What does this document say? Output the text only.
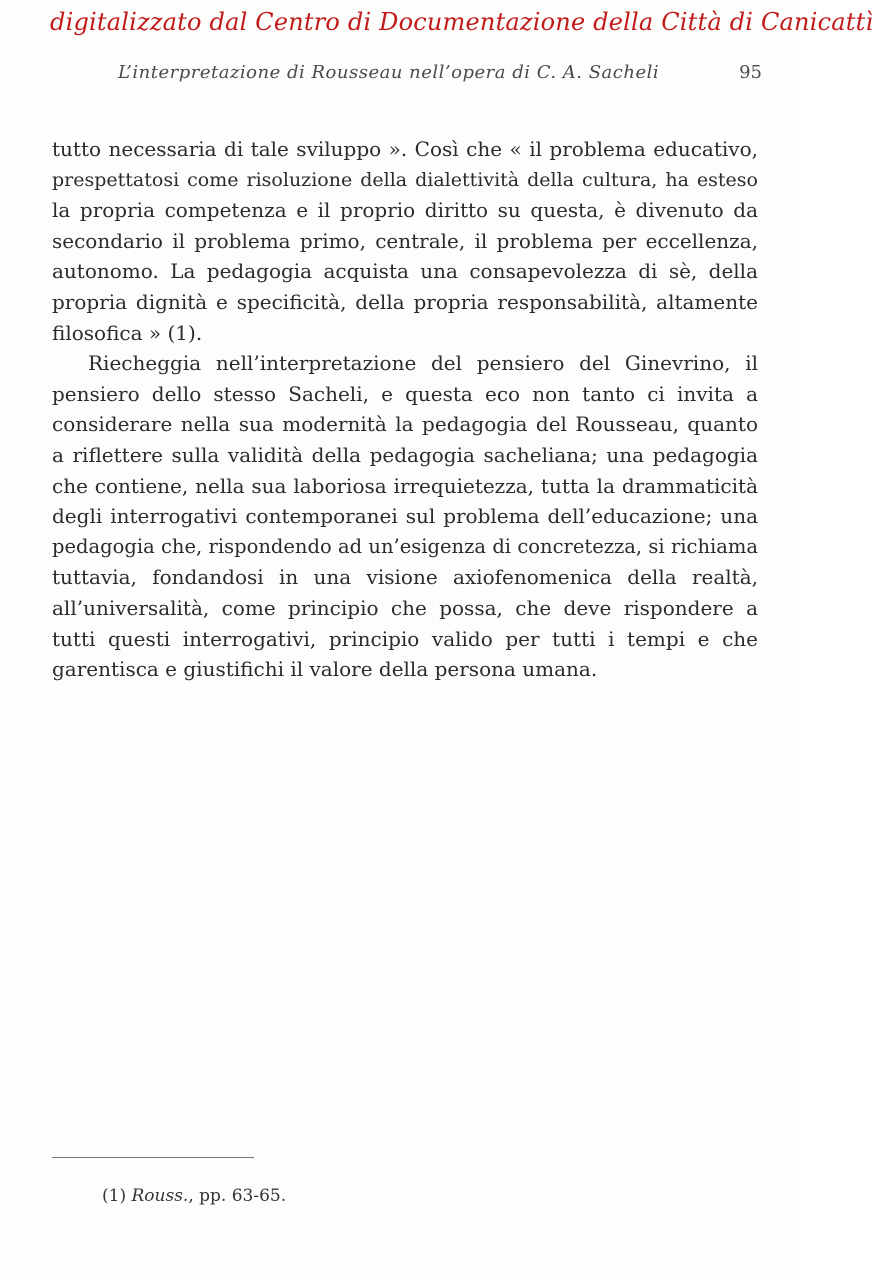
digitalizzato dal Centro di Documentazione della Città di Canicattì
L’interpretazione di Rousseau nell’opera di C. A. Sacheli	95
tutto necessaria di tale sviluppo ». Così che « il problema educativo,
prespettatosi come risoluzione della dialettività della cultura, ha esteso
la propria competenza e il proprio diritto su questa, è divenuto da
secondario il problema primo, centrale, il problema per eccellenza,
autonomo. La pedagogia acquista una consapevolezza di sè, della
propria dignità e specificità, della propria responsabilità, altamente
filosofica » (1).
Riecheggia nell’interpretazione del pensiero del Ginevrino, il
pensiero dello stesso Sacheli, e questa eco non tanto ci invita a
considerare nella sua modernità la pedagogia del Rousseau, quanto
a riflettere sulla validità della pedagogia sacheliana; una pedagogia
che contiene, nella sua laboriosa irrequietezza, tutta la drammaticità
degli interrogativi contemporanei sul problema dell’educazione; una
pedagogia che, rispondendo ad un’esigenza di concretezza, si richiama
tuttavia, fondandosi in una visione axiofenomenica della realtà,
all’universalità, come principio che possa, che deve rispondere a
tutti questi interrogativi, principio valido per tutti i tempi e che
garentisca e giustifichi il valore della persona umana.
(1) Rouss., pp. 63-65.
